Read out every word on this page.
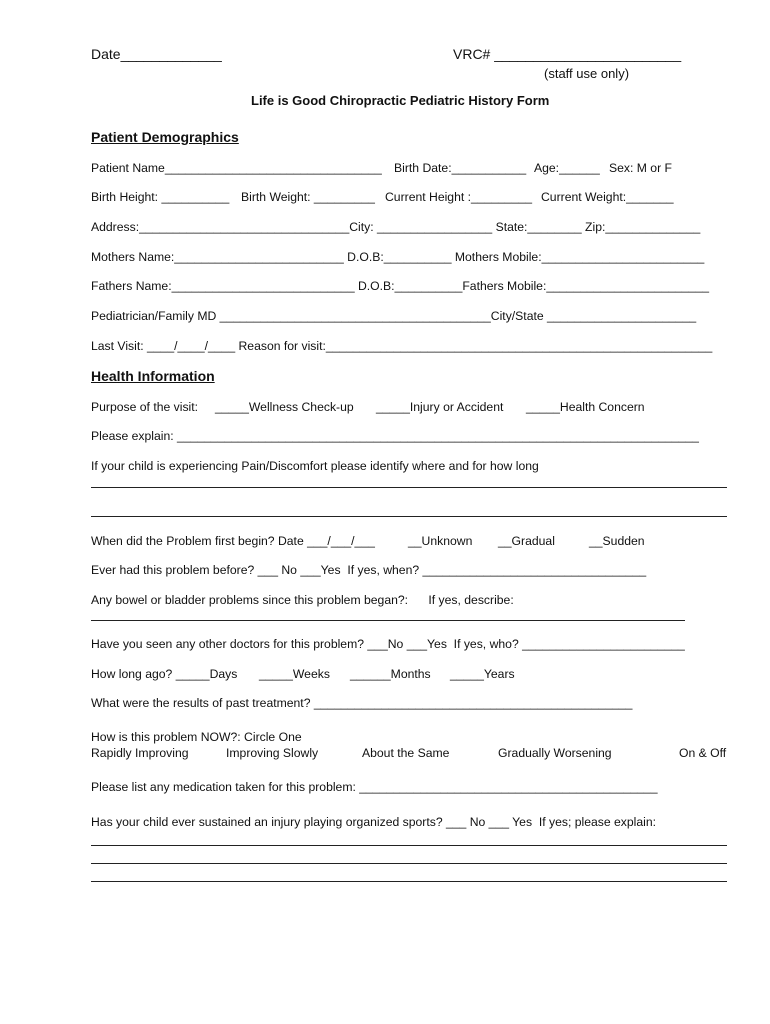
Date_____________	VRC# ________________________
(staff use only)
Life is Good Chiropractic Pediatric History Form
Patient Demographics
Patient Name________________________________ Birth Date:___________ Age:______ Sex: M or F
Birth Height: __________ Birth Weight: _________ Current Height :_________ Current Weight:_______
Address:_______________________________City: _________________ State:________ Zip:______________
Mothers Name:_________________________ D.O.B:__________ Mothers Mobile:________________________
Fathers Name:___________________________ D.O.B:__________Fathers Mobile:________________________
Pediatrician/Family MD ________________________________________City/State ______________________
Last Visit: ____/____/____ Reason for visit:_________________________________________________________
Health Information
Purpose of the visit: _____Wellness Check-up _____Injury or Accident _____Health Concern
Please explain: _____________________________________________________________________________
If your child is experiencing Pain/Discomfort please identify where and for how long
When did the Problem first begin? Date ___/___/___	__Unknown __Gradual	__Sudden
Ever had this problem before? ___ No ___Yes  If yes, when? _________________________________
Any bowel or bladder problems since this problem began?:      If yes, describe:
Have you seen any other doctors for this problem? ___No ___Yes  If yes, who? ________________________
How long ago? _____Days _____Weeks ______Months _____Years
What were the results of past treatment? _______________________________________________
How is this problem NOW?: Circle One
Rapidly Improving	Improving Slowly	About the Same	Gradually Worsening	On & Off
Please list any medication taken for this problem: ____________________________________________
Has your child ever sustained an injury playing organized sports? ___ No ___ Yes  If yes; please explain:
